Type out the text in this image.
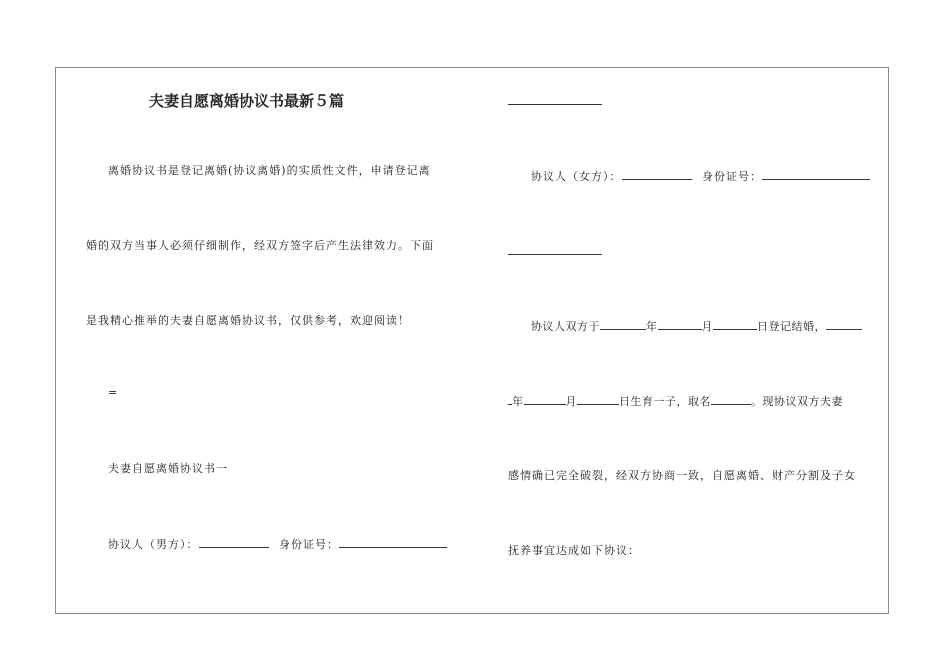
夫妻自愿离婚协议书最新５篇
离婚协议书是登记离婚(协议离婚)的实质性文件，申请登记离
婚的双方当事人必须仔细制作，经双方签字后产生法律效力。下面
是我精心推举的夫妻自愿离婚协议书，仅供参考，欢迎阅读！
=
夫妻自愿离婚协议书一
协议人（男方）：	身份证号：
协议人（女方）：	身份证号：
协议人双方于	年	月	日登记结婚，
年	月	日生育一子，取名	。现协议双方夫妻
感情确已完全破裂，经双方协商一致，自愿离婚、财产分割及子女
抚养事宜达成如下协议：
